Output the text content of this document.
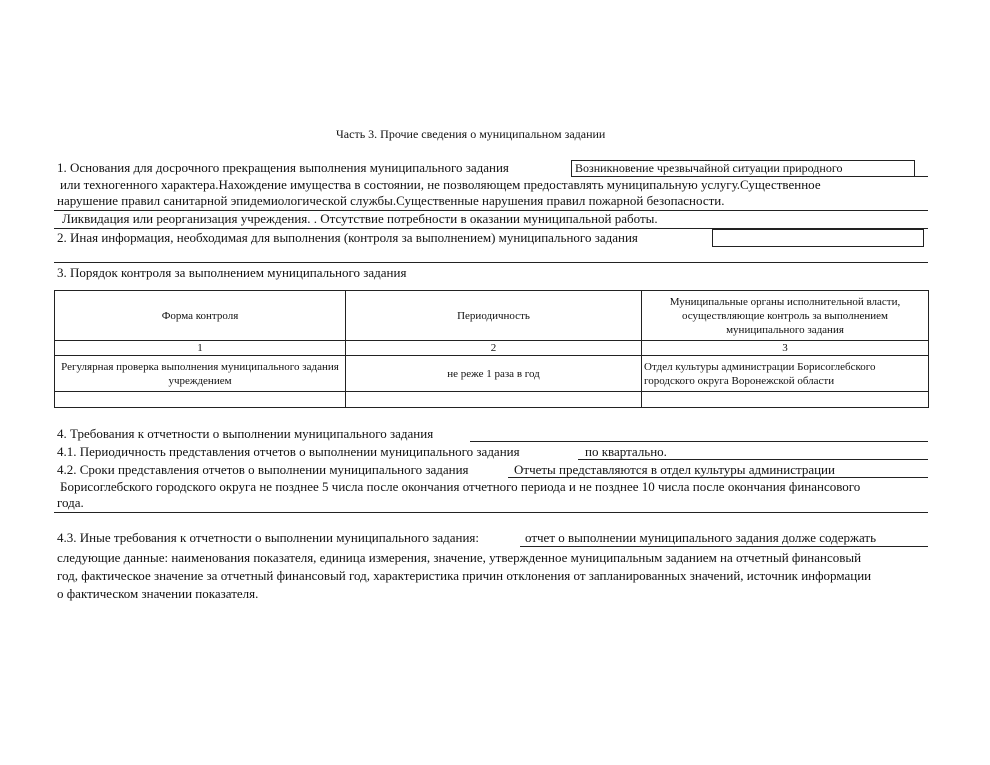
Часть 3. Прочие сведения о муниципальном задании
1. Основания для досрочного прекращения выполнения муниципального задания	Возникновение чрезвычайной ситуации природного
или техногенного характера.Нахождение имущества в состоянии, не позволяющем предоставлять муниципальную услугу.Существенное
нарушение правил санитарной эпидемиологической службы.Существенные нарушения правил пожарной безопасности.
Ликвидация или реорганизация учреждения. . Отсутствие потребности в оказании муниципальной работы.
2. Иная информация, необходимая для выполнения (контроля за выполнением) муниципального задания
3. Порядок контроля за выполнением муниципального задания
Форма контроля	Периодичность	Муниципальные органы исполнительной власти, осуществляющие контроль за выполнением муниципального задания
1	2	3
Регулярная проверка выполнения муниципального задания учреждением	не реже 1 раза в год	Отдел культуры администрации Борисоглебского городского округа Воронежской области

4. Требования к отчетности о выполнении муниципального задания
4.1. Периодичность представления отчетов о выполнении муниципального задания	по квартально.
4.2. Сроки представления отчетов о выполнении муниципального задания	Отчеты представляются в отдел культуры администрации
Борисоглебского городского округа не позднее 5 числа после окончания отчетного периода и не позднее 10 числа после окончания финансового
года.
4.3. Иные требования к отчетности о выполнении муниципального задания:	отчет о выполнении муниципального задания долже содержать
следующие данные: наименования показателя, единица измерения, значение, утвержденное муниципальным заданием на отчетный финансовый
год, фактическое значение за отчетный финансовый год, характеристика причин отклонения от запланированных значений, источник информации
о фактическом значении показателя.
